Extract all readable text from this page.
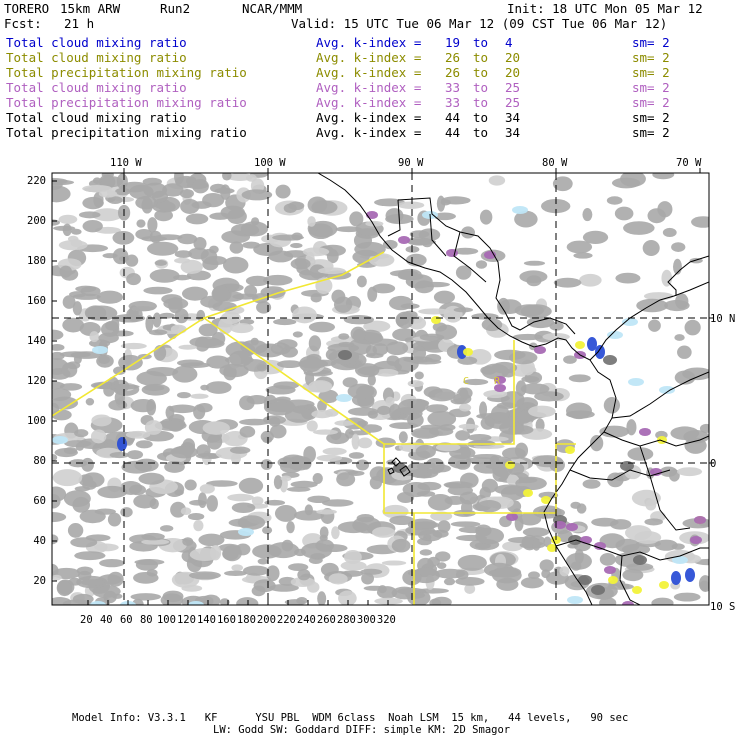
TORERO 15km ARW	Run2	NCAR/MMM	Init: 18 UTC Mon 05 Mar 12
Fcst: 21 h	Valid: 15 UTC Tue 06 Mar 12 (09 CST Tue 06 Mar 12)
Total cloud mixing ratio	Avg. k-index = 19 to 4	sm= 2
Total cloud mixing ratio	Avg. k-index = 26 to 20	sm= 2
Total precipitation mixing ratio	Avg. k-index = 26 to 20	sm= 2
Total cloud mixing ratio	Avg. k-index = 33 to 25	sm= 2
Total precipitation mixing ratio	Avg. k-index = 33 to 25	sm= 2
Total cloud mixing ratio	Avg. k-index = 44 to 34	sm= 2
Total precipitation mixing ratio	Avg. k-index = 44 to 34	sm= 2
C R
110 W	100 W	90 W	80 W	70 W
10 N
0
10 S
220
200
180
160
140
120
100
80
60
40
20
20 40 60 80 100 120 140 160 180 200 220 240 260 280 300 320
Model Info: V3.3.1   KF      YSU PBL  WDM 6class  Noah LSM  15 km,   44 levels,   90 sec
LW: Godd SW: Goddard DIFF: simple KM: 2D Smagor
